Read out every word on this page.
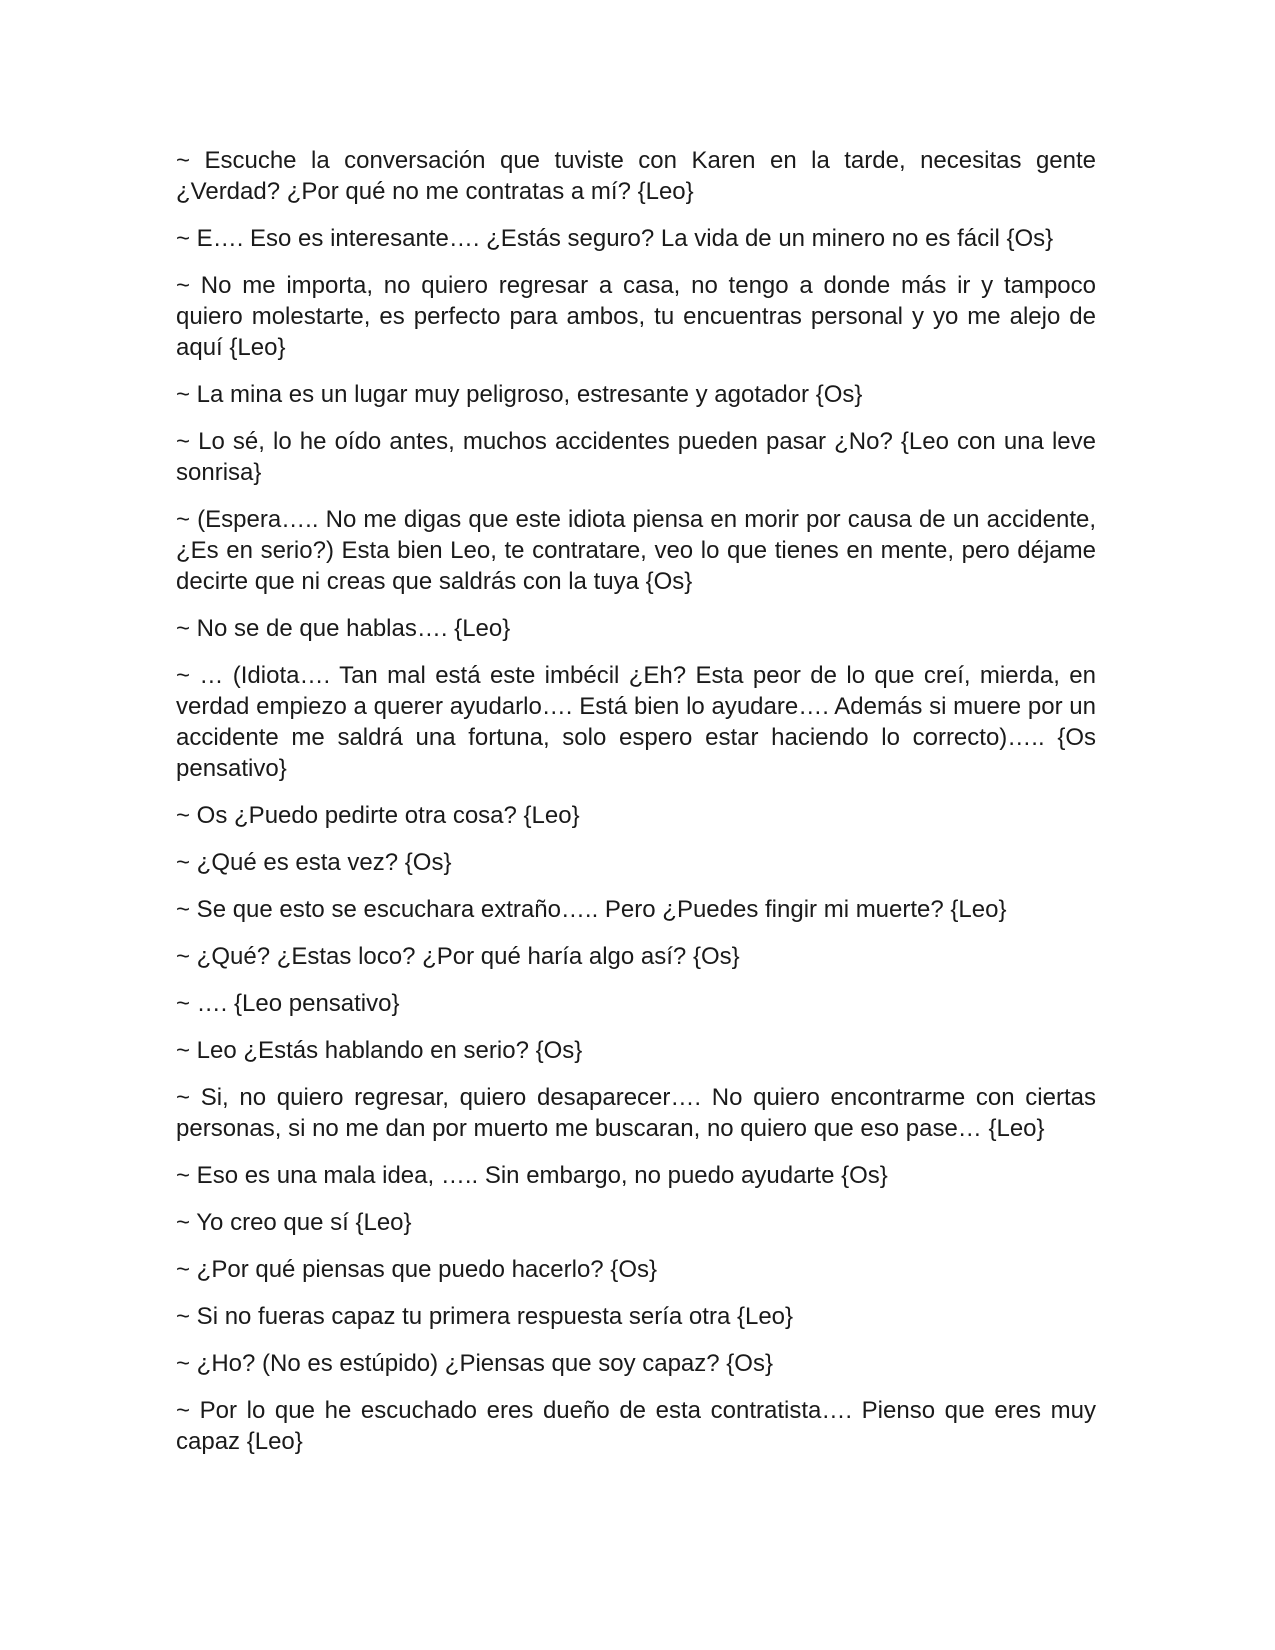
~ Escuche la conversación que tuviste con Karen en la tarde, necesitas gente ¿Verdad? ¿Por qué no me contratas a mí? {Leo}

~ E…. Eso es interesante…. ¿Estás seguro? La vida de un minero no es fácil {Os}

~ No me importa, no quiero regresar a casa, no tengo a donde más ir y tampoco quiero molestarte, es perfecto para ambos, tu encuentras personal y yo me alejo de aquí {Leo}

~ La mina es un lugar muy peligroso, estresante y agotador {Os}

~ Lo sé, lo he oído antes, muchos accidentes pueden pasar ¿No? {Leo con una leve sonrisa}

~ (Espera….. No me digas que este idiota piensa en morir por causa de un accidente, ¿Es en serio?) Esta bien Leo, te contratare, veo lo que tienes en mente, pero déjame decirte que ni creas que saldrás con la tuya {Os}

~ No se de que hablas…. {Leo}

~ … (Idiota…. Tan mal está este imbécil ¿Eh? Esta peor de lo que creí, mierda, en verdad empiezo a querer ayudarlo…. Está bien lo ayudare…. Además si muere por un accidente me saldrá una fortuna, solo espero estar haciendo lo correcto)….. {Os pensativo}

~ Os ¿Puedo pedirte otra cosa? {Leo}

~ ¿Qué es esta vez? {Os}

~ Se que esto se escuchara extraño….. Pero ¿Puedes fingir mi muerte? {Leo}

~ ¿Qué? ¿Estas loco? ¿Por qué haría algo así? {Os}

~ …. {Leo pensativo}

~ Leo ¿Estás hablando en serio? {Os}

~ Si, no quiero regresar, quiero desaparecer…. No quiero encontrarme con ciertas personas, si no me dan por muerto me buscaran, no quiero que eso pase… {Leo}

~ Eso es una mala idea, ….. Sin embargo, no puedo ayudarte {Os}

~ Yo creo que sí {Leo}

~ ¿Por qué piensas que puedo hacerlo? {Os}

~ Si no fueras capaz tu primera respuesta sería otra {Leo}

~ ¿Ho? (No es estúpido) ¿Piensas que soy capaz? {Os}

~ Por lo que he escuchado eres dueño de esta contratista…. Pienso que eres muy capaz {Leo}
